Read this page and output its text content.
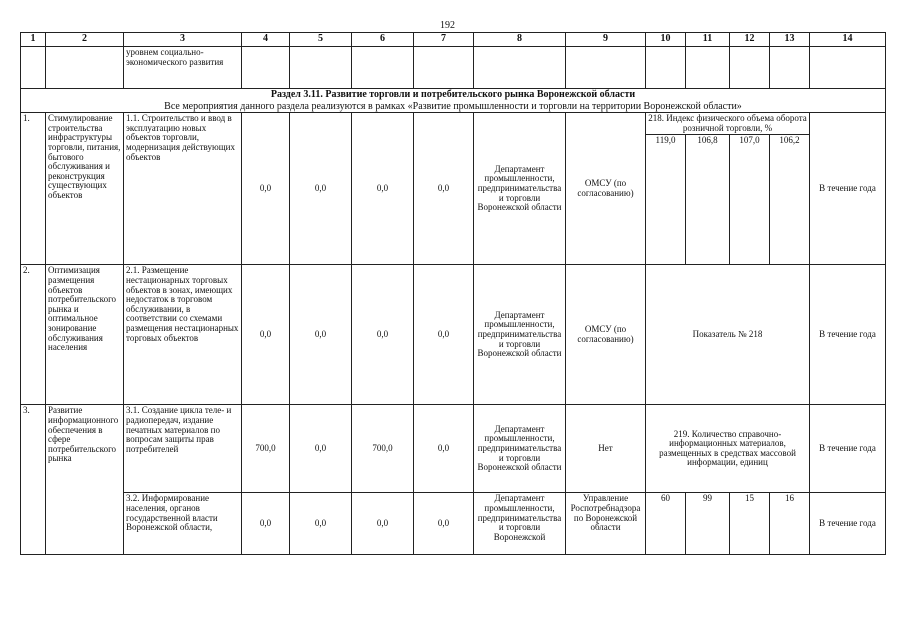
192
1	2	3	4	5	6	7	8	9	10	11	12	13	14
		уровнем социально-экономического развития											
Раздел 3.11. Развитие торговли и потребительского рынка Воронежской области													
Все мероприятия данного раздела реализуются в рамках «Развитие промышленности и торговли на территории Воронежской области»													
1.	Стимулирование строительства инфраструктуры торговли, питания, бытового обслуживания и реконструкция существующих объектов	1.1. Строительство и ввод в эксплуатацию новых объектов торговли, модернизация действующих объектов	0,0	0,0	0,0	0,0	Департамент промышленности, предпринимательства и торговли Воронежской области	ОМСУ (по согласованию)	218. Индекс физического объема оборота розничной торговли, %				В течение года
									119,0	106,8	107,0	106,2	
2.	Оптимизация размещения объектов потребительского рынка и оптимальное зонирование обслуживания населения	2.1. Размещение нестационарных торговых объектов в зонах, имеющих недостаток в торговом обслуживании, в соответствии со схемами размещения нестационарных торговых объектов	0,0	0,0	0,0	0,0	Департамент промышленности, предпринимательства и торговли Воронежской области	ОМСУ (по согласованию)	Показатель № 218				В течение года
3.	Развитие информационного обеспечения в сфере потребительского рынка	3.1. Создание цикла теле- и радиопередач, издание печатных материалов по вопросам защиты прав потребителей	700,0	0,0	700,0	0,0	Департамент промышленности, предпринимательства и торговли Воронежской области	Нет	219. Количество справочно-информационных материалов, размещенных в средствах массовой информации, единиц				В течение года
		3.2. Информирование населения, органов государственной власти Воронежской области,	0,0	0,0	0,0	0,0	Департамент промышленности, предпринимательства и торговли Воронежской	Управление Роспотребнадзора по Воронежской области	60	99	15	16	В течение года
